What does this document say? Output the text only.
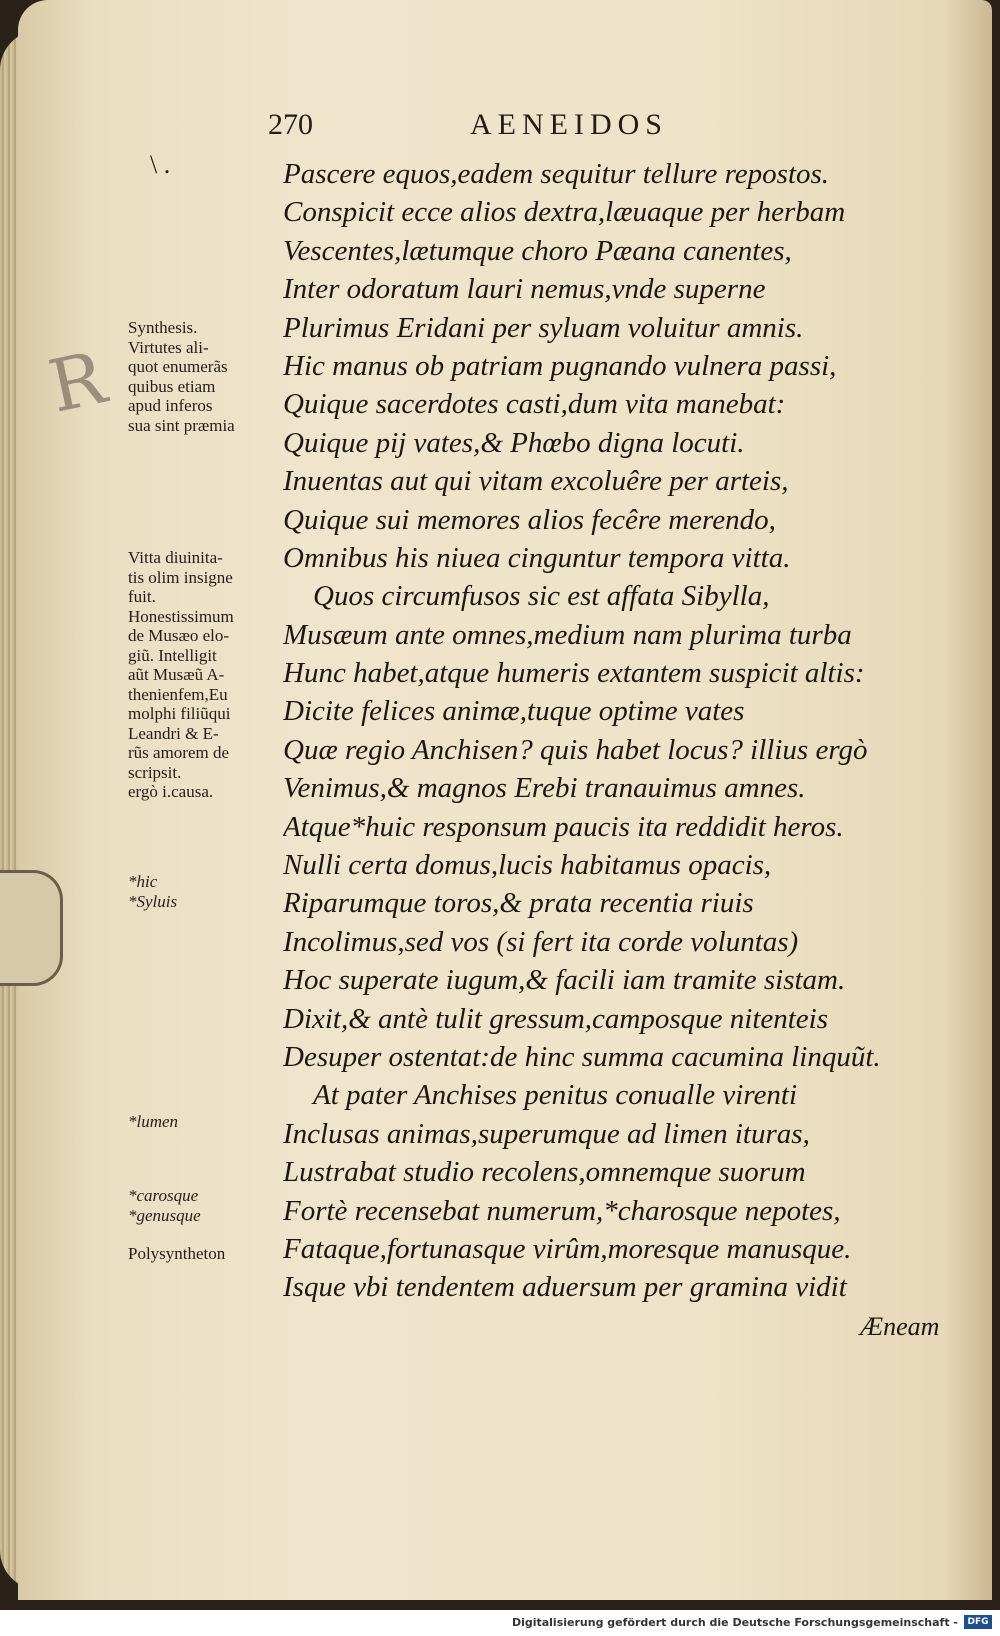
270	AENEIDOS
\ .
R
Pascere equos,eadem sequitur tellure repostos.
Conspicit ecce alios dextra,læuaque per herbam
Vescentes,lætumque choro Pæana canentes,
Inter odoratum lauri nemus,vnde superne
Plurimus Eridani per syluam voluitur amnis.
Hic manus ob patriam pugnando vulnera passi,
Quique sacerdotes casti,dum vita manebat:
Quique pij vates,& Phœbo digna locuti.
Inuentas aut qui vitam excoluêre per arteis,
Quique sui memores alios fecêre merendo,
Omnibus his niuea cinguntur tempora vitta.
Quos circumfusos sic est affata Sibylla,
Musæum ante omnes,medium nam plurima turba
Hunc habet,atque humeris extantem suspicit altis:
Dicite felices animæ,tuque optime vates
Quæ regio Anchisen? quis habet locus? illius ergò
Venimus,& magnos Erebi tranauimus amnes.
Atque*huic responsum paucis ita reddidit heros.
Nulli certa domus,lucis habitamus opacis,
Riparumque toros,& prata recentia riuis
Incolimus,sed vos (si fert ita corde voluntas)
Hoc superate iugum,& facili iam tramite sistam.
Dixit,& antè tulit gressum,camposque nitenteis
Desuper ostentat:de hinc summa cacumina linquũt.
At pater Anchises penitus conualle virenti
Inclusas animas,superumque ad limen ituras,
Lustrabat studio recolens,omnemque suorum
Fortè recensebat numerum,*charosque nepotes,
Fataque,fortunasque virûm,moresque manusque.
Isque vbi tendentem aduersum per gramina vidit
Æneam

Synthesis.
Virtutes ali-
quot enumerãs
quibus etiam
apud inferos
sua sint præmia

Vitta diuinita-
tis olim insigne
fuit.
Honestissimum
de Musæo elo-
giũ. Intelligit
aũt Musæũ A-
thenienfem,Eu
molphi filiũqui
Leandri & E-
rũs amorem de
scripsit.
ergò i.causa.

*hic
*Syluis

*lumen

*carosque
*genusque

Polysyntheton

Digitalisierung gefördert durch die Deutsche Forschungsgemeinschaft -	DFG
